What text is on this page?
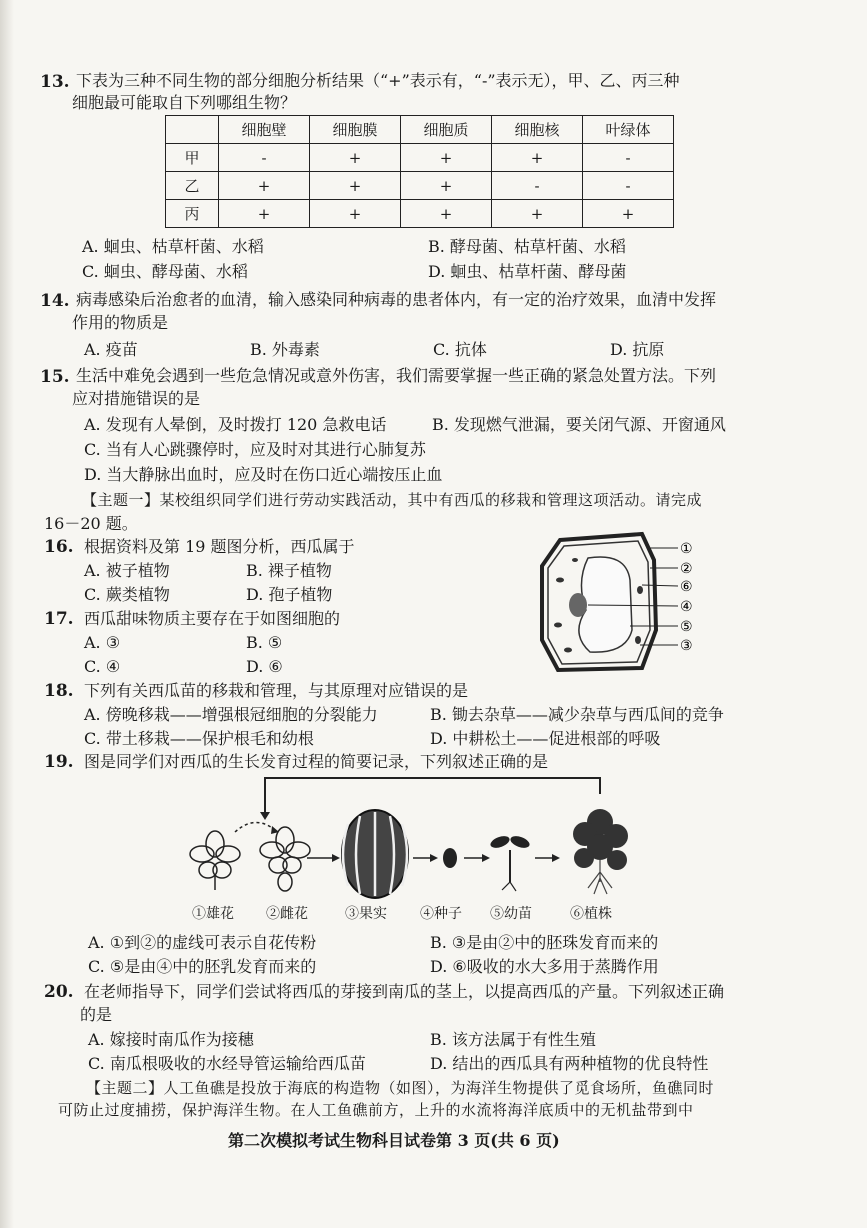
13. 下表为三种不同生物的部分细胞分析结果（“+”表示有，“-”表示无），甲、乙、丙三种
细胞最可能取自下列哪组生物？
	细胞壁	细胞膜	细胞质	细胞核	叶绿体
甲	-	+	+	+	-
乙	+	+	+	-	-
丙	+	+	+	+	+
A. 蛔虫、枯草杆菌、水稻	B. 酵母菌、枯草杆菌、水稻
C. 蛔虫、酵母菌、水稻	D. 蛔虫、枯草杆菌、酵母菌
14. 病毒感染后治愈者的血清，输入感染同种病毒的患者体内，有一定的治疗效果，血清中发挥
作用的物质是
A. 疫苗	B. 外毒素	C. 抗体	D. 抗原
15. 生活中难免会遇到一些危急情况或意外伤害，我们需要掌握一些正确的紧急处置方法。下列
应对措施错误的是
A. 发现有人晕倒，及时拨打 120 急救电话	B. 发现燃气泄漏，要关闭气源、开窗通风
C. 当有人心跳骤停时，应及时对其进行心肺复苏
D. 当大静脉出血时，应及时在伤口近心端按压止血
【主题一】某校组织同学们进行劳动实践活动，其中有西瓜的移栽和管理这项活动。请完成
16－20 题。
16. 根据资料及第 19 题图分析，西瓜属于
A. 被子植物	B. 裸子植物
C. 蕨类植物	D. 孢子植物
17. 西瓜甜味物质主要存在于如图细胞的
A. ③	B. ⑤
C. ④	D. ⑥
①
②
⑥
④
⑤
③
18. 下列有关西瓜苗的移栽和管理，与其原理对应错误的是
A. 傍晚移栽——增强根冠细胞的分裂能力	B. 锄去杂草——减少杂草与西瓜间的竞争
C. 带土移栽——保护根毛和幼根	D. 中耕松土——促进根部的呼吸
19. 图是同学们对西瓜的生长发育过程的简要记录，下列叙述正确的是
①雄花 ②雌花	③果实 ④种子 ⑤幼苗	⑥植株
A. ①到②的虚线可表示自花传粉	B. ③是由②中的胚珠发育而来的
C. ⑤是由④中的胚乳发育而来的	D. ⑥吸收的水大多用于蒸腾作用
20. 在老师指导下，同学们尝试将西瓜的芽接到南瓜的茎上，以提高西瓜的产量。下列叙述正确
的是
A. 嫁接时南瓜作为接穗	B. 该方法属于有性生殖
C. 南瓜根吸收的水经导管运输给西瓜苗	D. 结出的西瓜具有两种植物的优良特性
【主题二】人工鱼礁是投放于海底的构造物（如图），为海洋生物提供了觅食场所，鱼礁同时
可防止过度捕捞，保护海洋生物。在人工鱼礁前方，上升的水流将海洋底质中的无机盐带到中
第二次模拟考试生物科目试卷第 3 页(共 6 页)
